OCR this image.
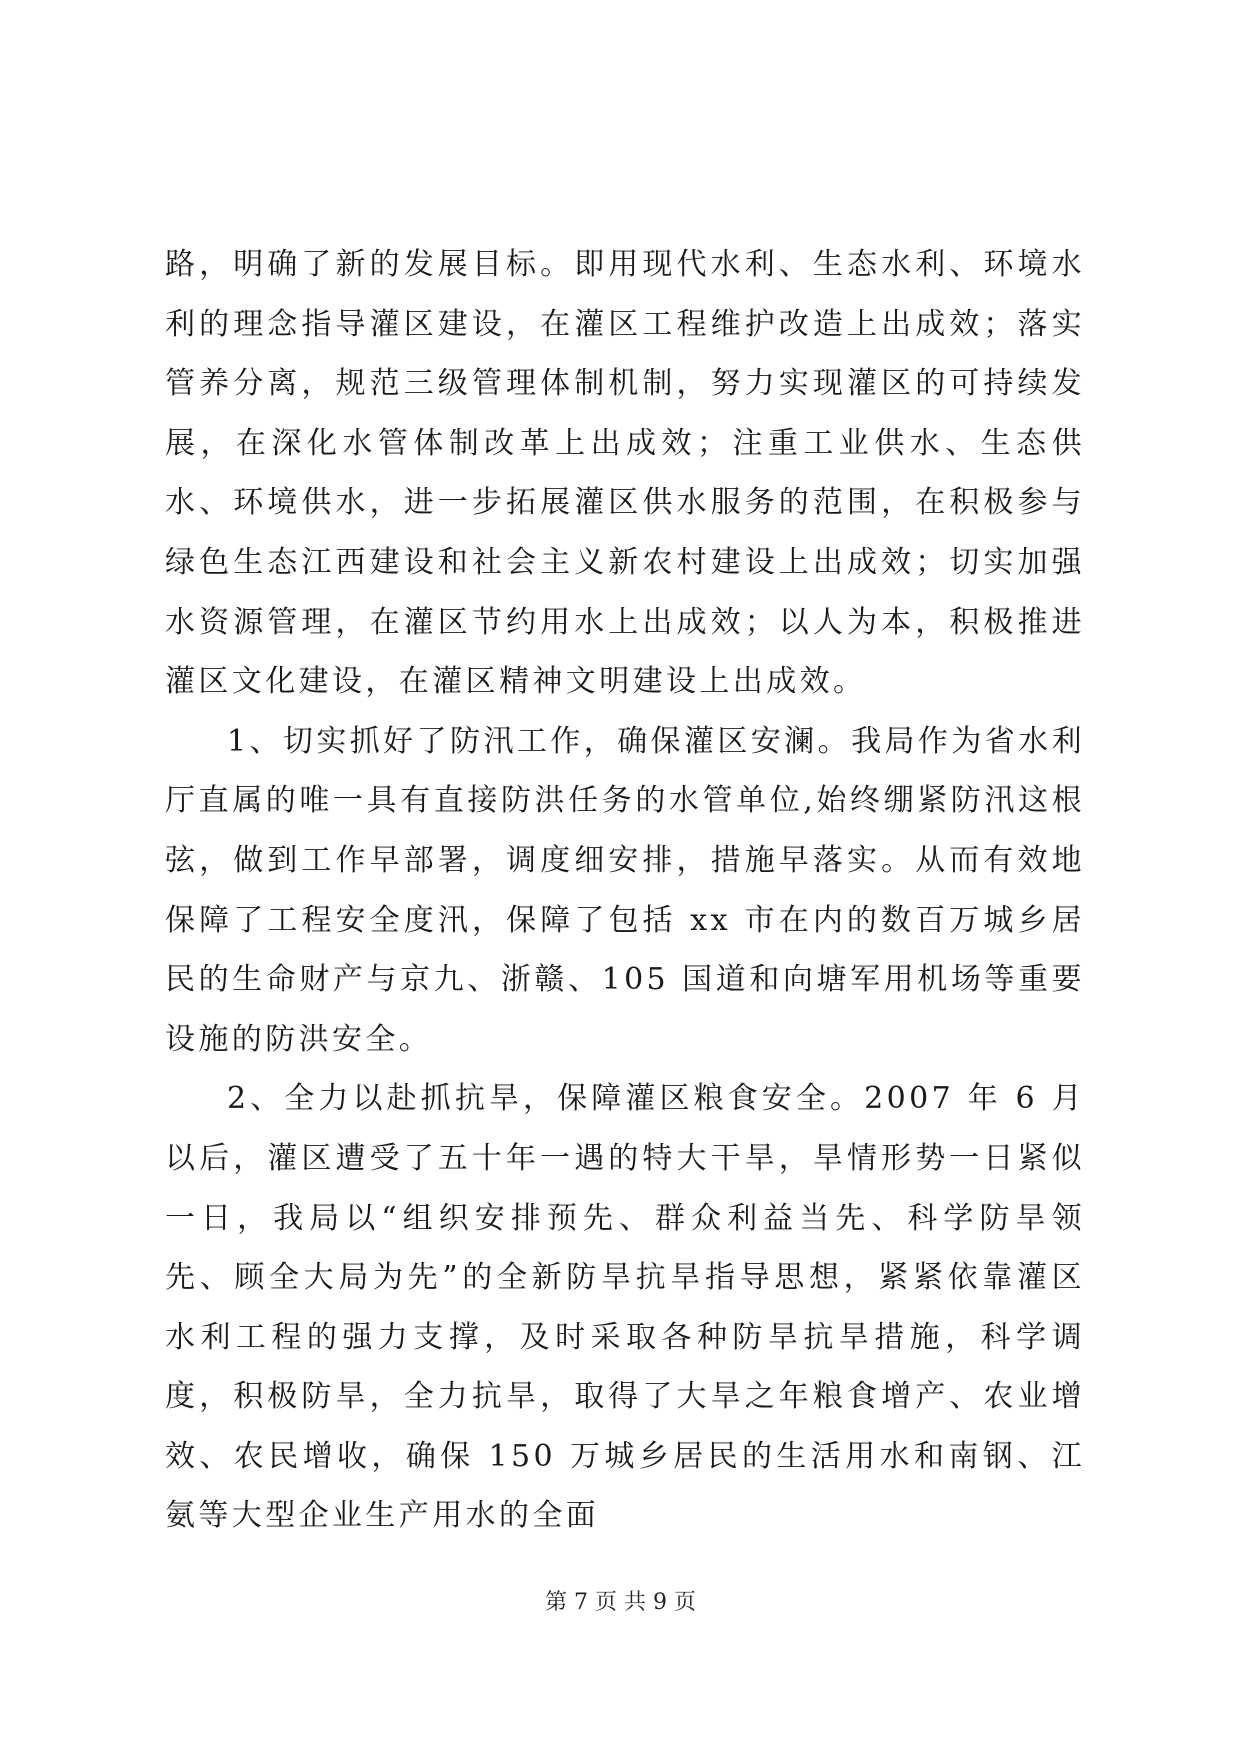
路，明确了新的发展目标。即用现代水利、生态水利、环境水利的理念指导灌区建设，在灌区工程维护改造上出成效；落实管养分离，规范三级管理体制机制，努力实现灌区的可持续发展，在深化水管体制改革上出成效；注重工业供水、生态供水、环境供水，进一步拓展灌区供水服务的范围，在积极参与绿色生态江西建设和社会主义新农村建设上出成效；切实加强水资源管理，在灌区节约用水上出成效；以人为本，积极推进灌区文化建设，在灌区精神文明建设上出成效。

1、切实抓好了防汛工作，确保灌区安澜。我局作为省水利厅直属的唯一具有直接防洪任务的水管单位,始终绷紧防汛这根弦，做到工作早部署，调度细安排，措施早落实。从而有效地保障了工程安全度汛，保障了包括 xx 市在内的数百万城乡居民的生命财产与京九、浙赣、105 国道和向塘军用机场等重要设施的防洪安全。

2、全力以赴抓抗旱，保障灌区粮食安全。2007 年 6 月以后，灌区遭受了五十年一遇的特大干旱，旱情形势一日紧似一日，我局以“组织安排预先、群众利益当先、科学防旱领先、顾全大局为先”的全新防旱抗旱指导思想，紧紧依靠灌区水利工程的强力支撑，及时采取各种防旱抗旱措施，科学调度，积极防旱，全力抗旱，取得了大旱之年粮食增产、农业增效、农民增收，确保 150 万城乡居民的生活用水和南钢、江氨等大型企业生产用水的全面

第 7 页 共 9 页
